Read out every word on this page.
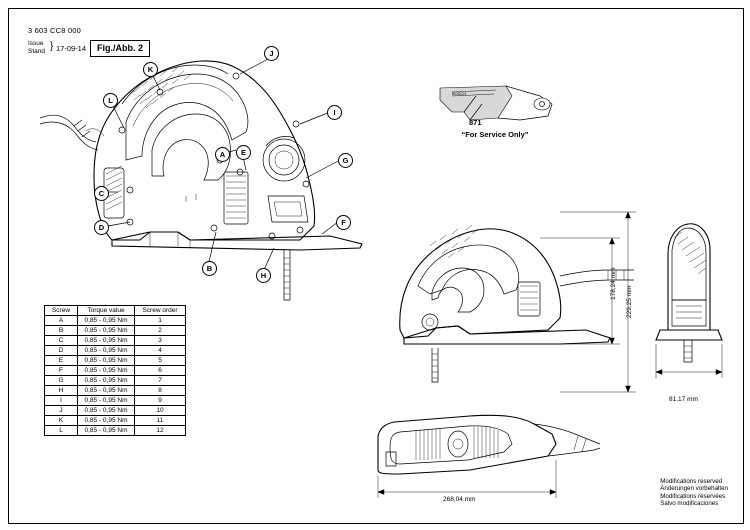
3 603 CC8 000
Issue
Stand } 17-09-14	Fig./Abb. 2
BOSCH
A
B
C
D
E
F
G
H
I
J
K
L
871
“For Service Only”
178,24 mm
229,25 mm
81,17 mm
268,04 mm
Screw	Torque value	Screw order
A	0,85 - 0,95 Nm	1
B	0,85 - 0,95 Nm	2
C	0,85 - 0,95 Nm	3
D	0,85 - 0,95 Nm	4
E	0,85 - 0,95 Nm	5
F	0,85 - 0,95 Nm	6
G	0,85 - 0,95 Nm	7
H	0,85 - 0,95 Nm	8
I	0,85 - 0,95 Nm	9
J	0,85 - 0,95 Nm	10
K	0,85 - 0,95 Nm	11
L	0,85 - 0,95 Nm	12
Modifications reserved
Änderungen vorbehalten
Modifications réservées
Salvo modificaciones
